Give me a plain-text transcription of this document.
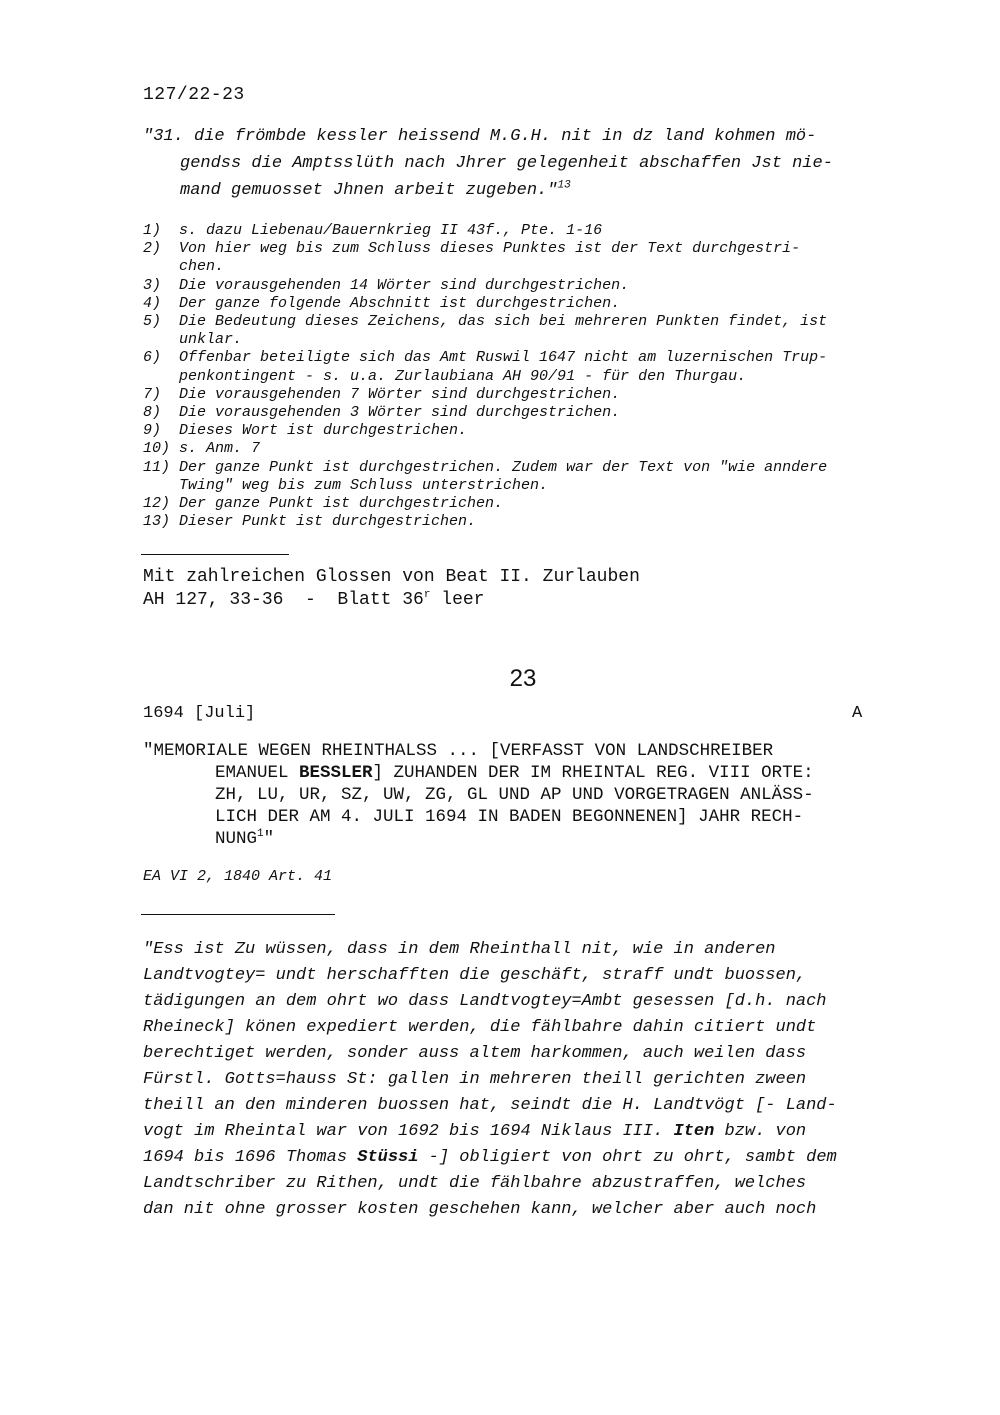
127/22-23
"31. die frömbde kessler heissend M.G.H. nit in dz land kohmen mö-
gendss die Amptsslüth nach Jhrer gelegenheit abschaffen Jst nie-
mand gemuosset Jhnen arbeit zugeben."$^{13}$
1)	s. dazu Liebenau/Bauernkrieg II 43f., Pte. 1-16
2)	Von hier weg bis zum Schluss dieses Punktes ist der Text durchgestri-
chen.
3)	Die vorausgehenden 14 Wörter sind durchgestrichen.
4)	Der ganze folgende Abschnitt ist durchgestrichen.
5)	Die Bedeutung dieses Zeichens, das sich bei mehreren Punkten findet, ist
unklar.
6)	Offenbar beteiligte sich das Amt Ruswil 1647 nicht am luzernischen Trup-
penkontingent - s. u.a. Zurlaubiana AH 90/91 - für den Thurgau.
7)	Die vorausgehenden 7 Wörter sind durchgestrichen.
8)	Die vorausgehenden 3 Wörter sind durchgestrichen.
9)	Dieses Wort ist durchgestrichen.
10) s. Anm. 7
11) Der ganze Punkt ist durchgestrichen. Zudem war der Text von "wie anndere
Twing" weg bis zum Schluss unterstrichen.
12) Der ganze Punkt ist durchgestrichen.
13) Dieser Punkt ist durchgestrichen.
Mit zahlreichen Glossen von Beat II. Zurlauben
AH 127, 33-36  -  Blatt 36$^r$ leer
23
1694 [Juli]	A
"MEMORIALE WEGEN RHEINTHALSS ... [VERFASST VON LANDSCHREIBER
EMANUEL BESSLER] ZUHANDEN DER IM RHEINTAL REG. VIII ORTE:
ZH, LU, UR, SZ, UW, ZG, GL UND AP UND VORGETRAGEN ANLÄSS-
LICH DER AM 4. JULI 1694 IN BADEN BEGONNENEN] JAHR RECH-
NUNG$^1$"
EA VI 2, 1840 Art. 41
"Ess ist Zu wüssen, dass in dem Rheinthall nit, wie in anderen
Landtvogtey= undt herschafften die geschäft, straff undt buossen,
tädigungen an dem ohrt wo dass Landtvogtey=Ambt gesessen [d.h. nach
Rheineck] könen expediert werden, die fählbahre dahin citiert undt
berechtiget werden, sonder auss altem harkommen, auch weilen dass
Fürstl. Gotts=hauss St: gallen in mehreren theill gerichten zween
theill an den minderen buossen hat, seindt die H. Landtvögt [- Land-
vogt im Rheintal war von 1692 bis 1694 Niklaus III. Iten bzw. von
1694 bis 1696 Thomas Stüssi -] obligiert von ohrt zu ohrt, sambt dem
Landtschriber zu Rithen, undt die fählbahre abzustraffen, welches
dan nit ohne grosser kosten geschehen kann, welcher aber auch noch
